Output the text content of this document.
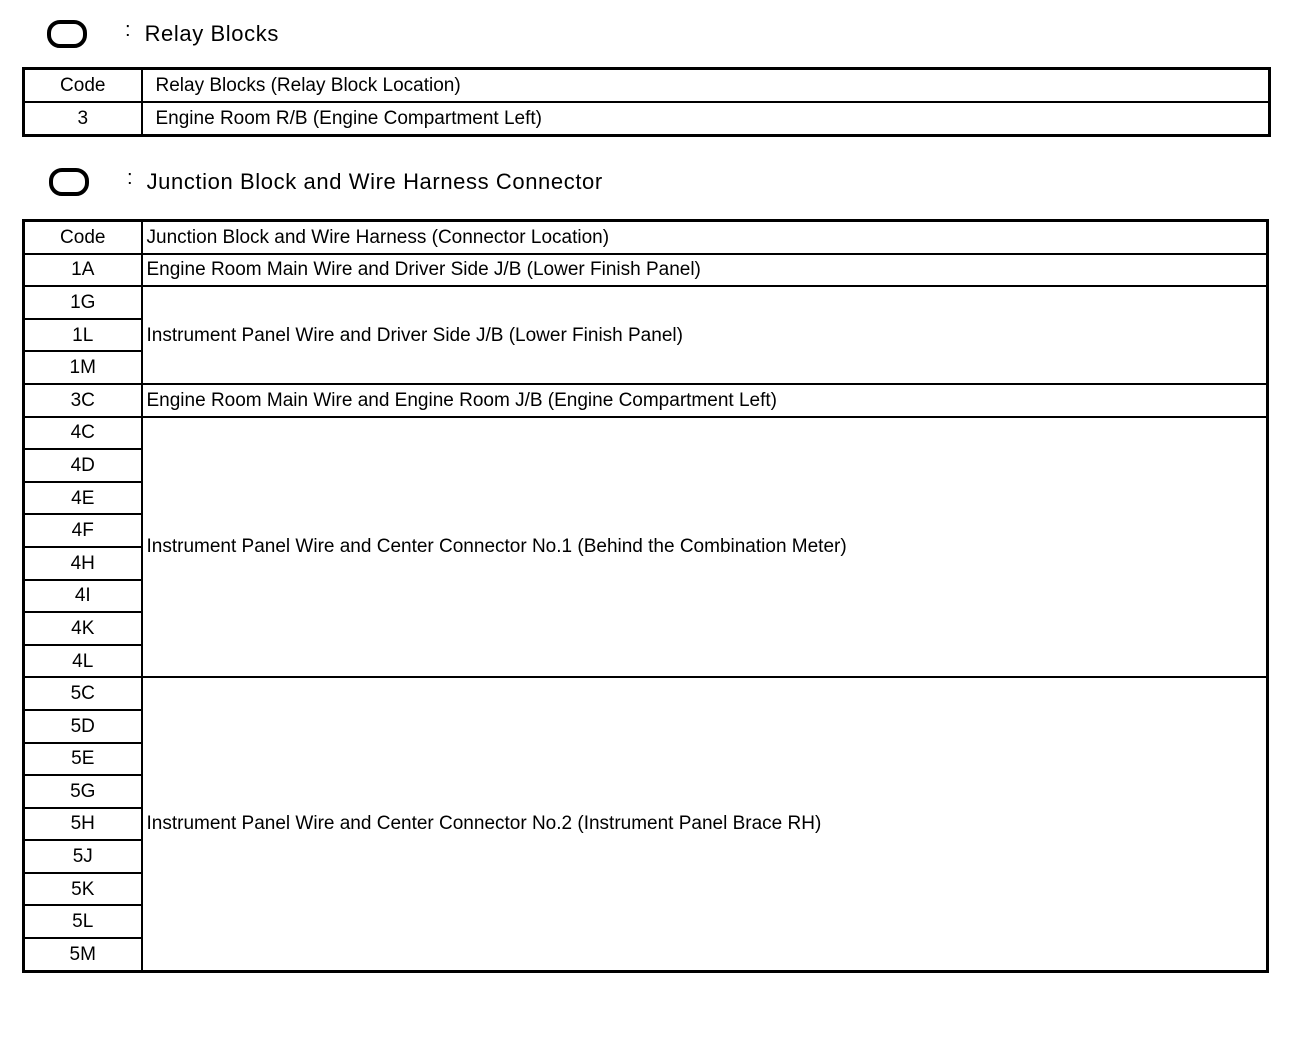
: Relay Blocks
Code	Relay Blocks (Relay Block Location)
3	Engine Room R/B (Engine Compartment Left)
: Junction Block and Wire Harness Connector
Code	Junction Block and Wire Harness (Connector Location)
1A	Engine Room Main Wire and Driver Side J/B (Lower Finish Panel)
1G	Instrument Panel Wire and Driver Side J/B (Lower Finish Panel)
1L	
1M	
3C	Engine Room Main Wire and Engine Room J/B (Engine Compartment Left)
4C	Instrument Panel Wire and Center Connector No.1 (Behind the Combination Meter)
4D	
4E	
4F	
4H	
4I	
4K	
4L	
5C	Instrument Panel Wire and Center Connector No.2 (Instrument Panel Brace RH)
5D	
5E	
5G	
5H	
5J	
5K	
5L	
5M	
